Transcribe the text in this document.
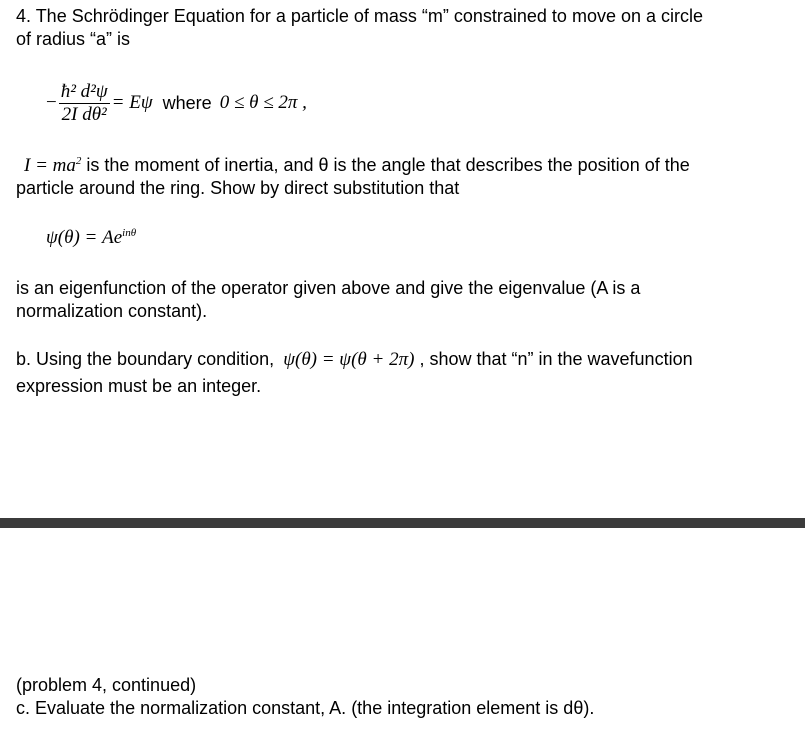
4. The Schrödinger Equation for a particle of mass “m” constrained to move on a circle
of radius “a” is
− $\frac{\text{ħ² d²ψ}}{\text{2I dθ²}} = E\psi$ where 0 ≤ θ ≤ 2π ,
$I = ma^2$ is the moment of inertia, and θ is the angle that describes the position of the
particle around the ring. Show by direct substitution that
$\psi(\theta) = Ae^{in\theta}$
is an eigenfunction of the operator given above and give the eigenvalue (A is a
normalization constant).
b. Using the boundary condition, ψ(θ) = ψ(θ + 2π) , show that “n” in the wavefunction
expression must be an integer.
(problem 4, continued)
c. Evaluate the normalization constant, A. (the integration element is dθ).
